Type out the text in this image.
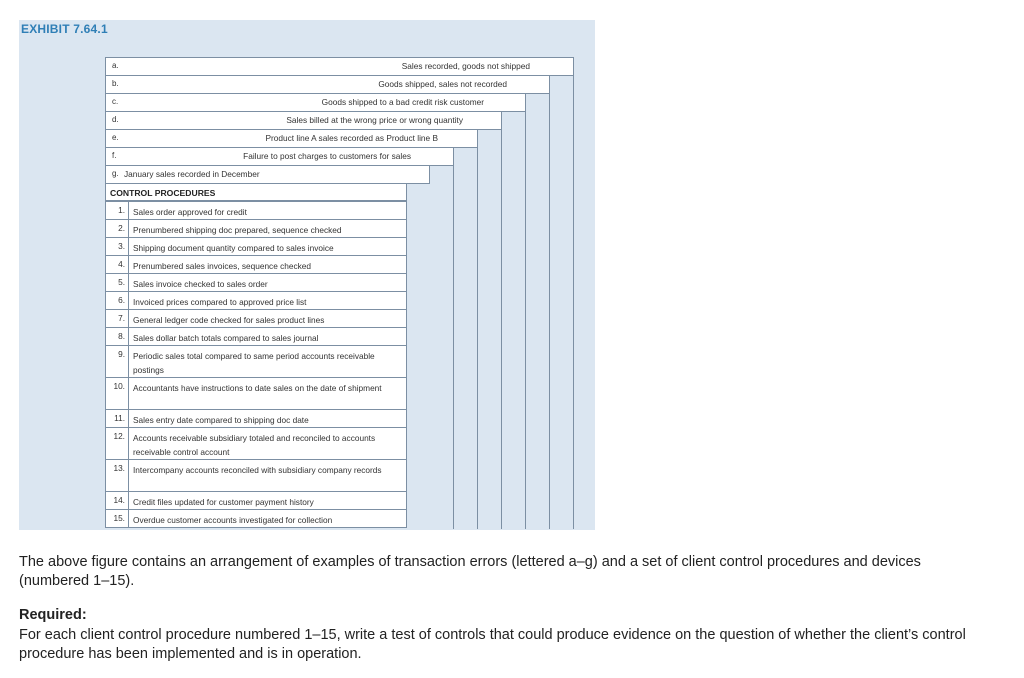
EXHIBIT 7.64.1
a.	Sales recorded, goods not shipped
b.	Goods shipped, sales not recorded
c.	Goods shipped to a bad credit risk customer
d.	Sales billed at the wrong price or wrong quantity
e.	Product line A sales recorded as Product line B
f.	Failure to post charges to customers for sales
g. January sales recorded in December
CONTROL PROCEDURES
1. Sales order approved for credit
2. Prenumbered shipping doc prepared, sequence checked
3. Shipping document quantity compared to sales invoice
4. Prenumbered sales invoices, sequence checked
5. Sales invoice checked to sales order
6. Invoiced prices compared to approved price list
7. General ledger code checked for sales product lines
8. Sales dollar batch totals compared to sales journal
9. Periodic sales total compared to same period accounts receivable postings
10. Accountants have instructions to date sales on the date of shipment
11. Sales entry date compared to shipping doc date
12. Accounts receivable subsidiary totaled and reconciled to accounts receivable control account
13. Intercompany accounts reconciled with subsidiary company records
14. Credit files updated for customer payment history
15. Overdue customer accounts investigated for collection
The above figure contains an arrangement of examples of transaction errors (lettered a–g) and a set of client control procedures and devices (numbered 1–15).
Required:
For each client control procedure numbered 1–15, write a test of controls that could produce evidence on the question of whether the client’s control procedure has been implemented and is in operation.
